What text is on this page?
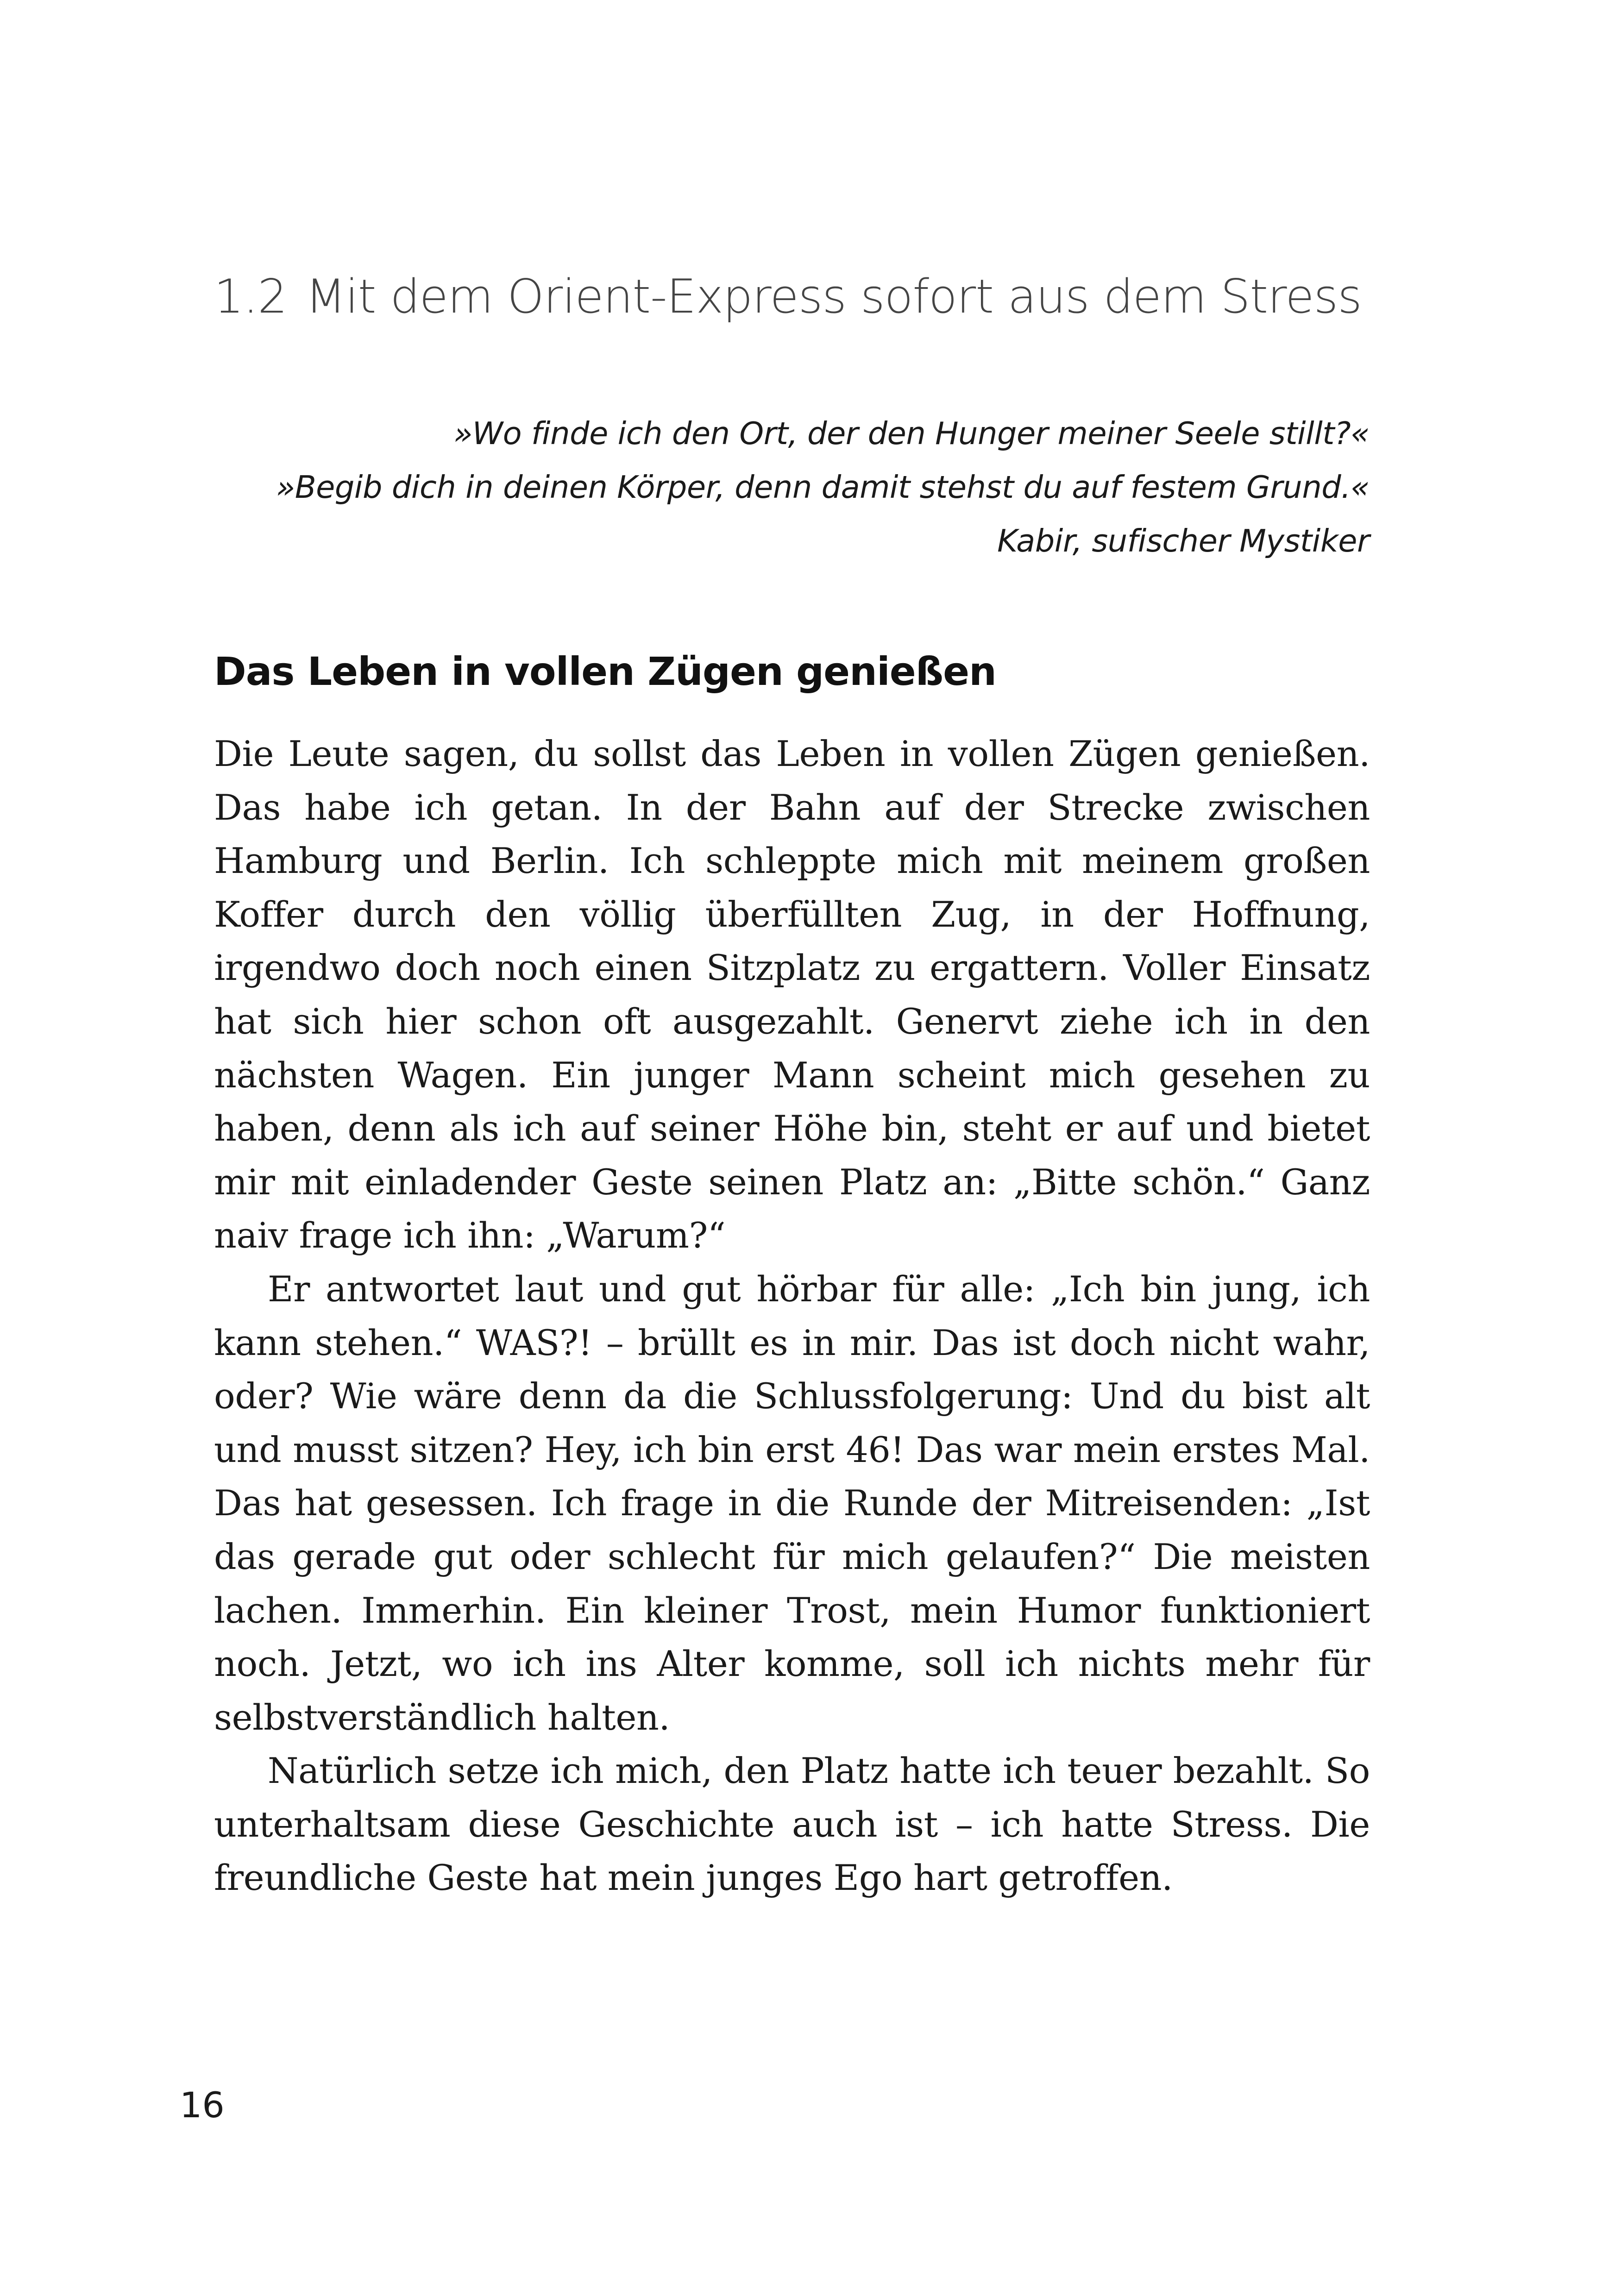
1.2 Mit dem Orient-Express sofort aus dem Stress
»Wo finde ich den Ort, der den Hunger meiner Seele stillt?«
»Begib dich in deinen Körper, denn damit stehst du auf festem Grund.«
Kabir, sufischer Mystiker
Das Leben in vollen Zügen genießen

Die Leute sagen, du sollst das Leben in vollen Zügen genießen. Das habe ich getan. In der Bahn auf der Strecke zwischen Hamburg und Berlin. Ich schleppte mich mit meinem großen Koffer durch den völlig überfüllten Zug, in der Hoffnung, irgendwo doch noch einen Sitzplatz zu ergattern. Voller Einsatz hat sich hier schon oft ausgezahlt. Genervt ziehe ich in den nächsten Wagen. Ein junger Mann scheint mich gesehen zu haben, denn als ich auf seiner Höhe bin, steht er auf und bietet mir mit einladender Geste seinen Platz an: „Bitte schön.“ Ganz naiv frage ich ihn: „Warum?“

Er antwortet laut und gut hörbar für alle: „Ich bin jung, ich kann stehen.“ WAS?! – brüllt es in mir. Das ist doch nicht wahr, oder? Wie wäre denn da die Schlussfolgerung: Und du bist alt und musst sitzen? Hey, ich bin erst 46! Das war mein erstes Mal. Das hat gesessen. Ich frage in die Runde der Mitreisenden: „Ist das gerade gut oder schlecht für mich gelaufen?“ Die meisten lachen. Immerhin. Ein kleiner Trost, mein Humor funktioniert noch. Jetzt, wo ich ins Alter komme, soll ich nichts mehr für selbstverständlich halten.

Natürlich setze ich mich, den Platz hatte ich teuer bezahlt. So unterhaltsam diese Geschichte auch ist – ich hatte Stress. Die freundliche Geste hat mein junges Ego hart getroffen.

16
